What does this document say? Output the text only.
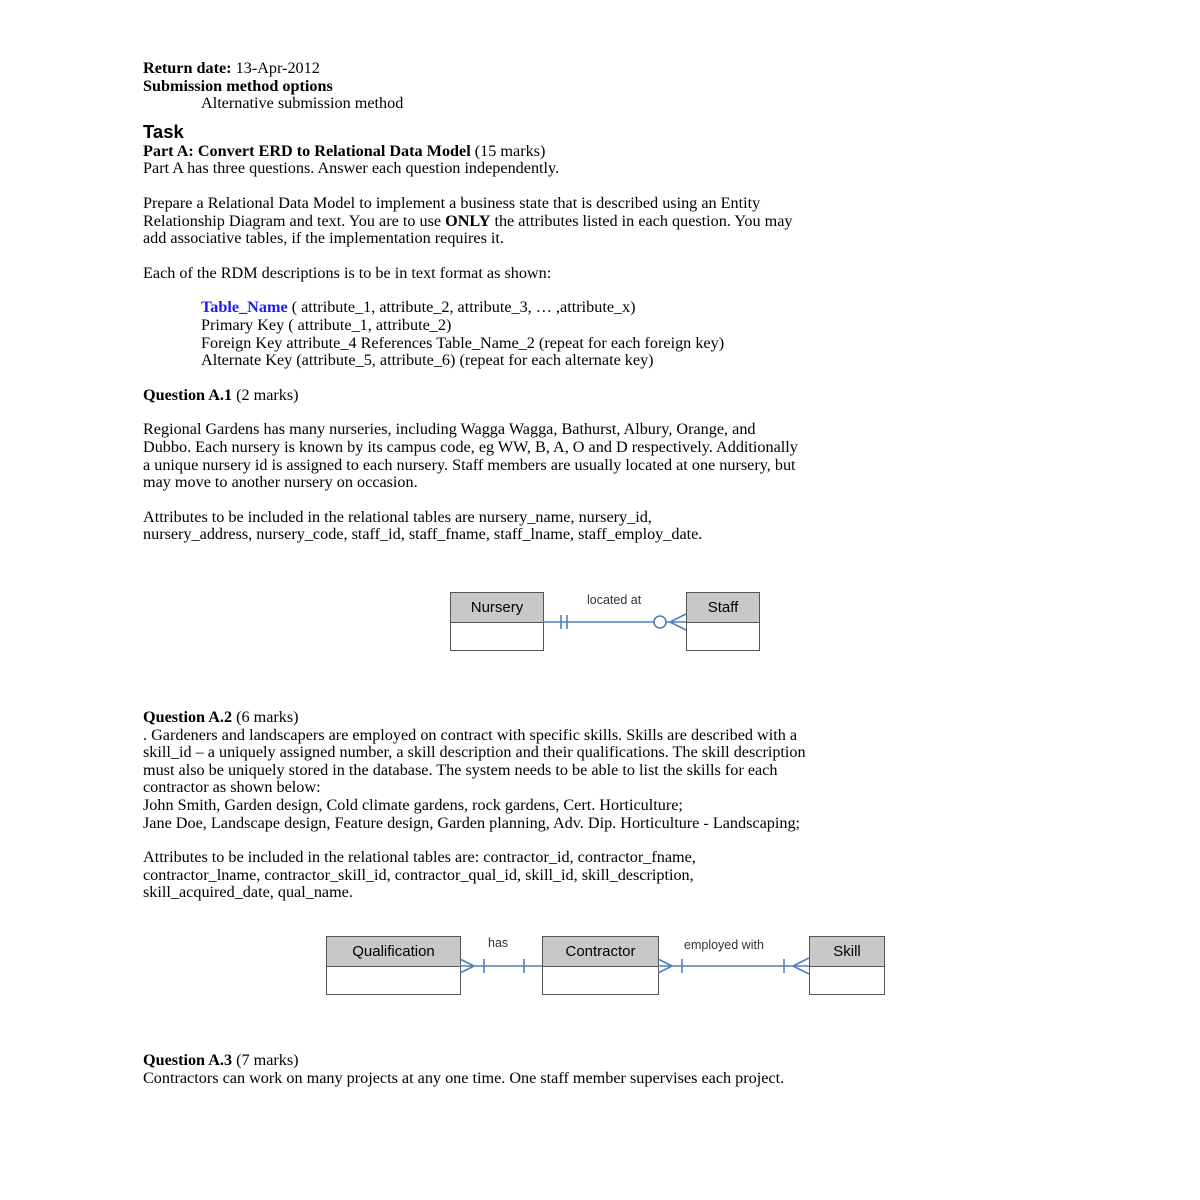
Return date: 13-Apr-2012

Submission method options

Alternative submission method

Task

Part A: Convert ERD to Relational Data Model (15 marks)

Part A has three questions. Answer each question independently.

Prepare a Relational Data Model to implement a business state that is described using an Entity

Relationship Diagram and text. You are to use ONLY the attributes listed in each question. You may

add associative tables, if the implementation requires it.

Each of the RDM descriptions is to be in text format as shown:

Table_Name ( attribute_1, attribute_2, attribute_3, … ,attribute_x)

Primary Key ( attribute_1, attribute_2)

Foreign Key attribute_4 References Table_Name_2 (repeat for each foreign key)

Alternate Key (attribute_5, attribute_6) (repeat for each alternate key)

Question A.1 (2 marks)

Regional Gardens has many nurseries, including Wagga Wagga, Bathurst, Albury, Orange, and

Dubbo. Each nursery is known by its campus code, eg WW, B, A, O and D respectively. Additionally

a unique nursery id is assigned to each nursery. Staff members are usually located at one nursery, but

may move to another nursery on occasion.

Attributes to be included in the relational tables are nursery_name, nursery_id,

nursery_address, nursery_code, staff_id, staff_fname, staff_lname, staff_employ_date.

Nursery	Staff
located at

Question A.2 (6 marks)

. Gardeners and landscapers are employed on contract with specific skills. Skills are described with a

skill_id – a uniquely assigned number, a skill description and their qualifications. The skill description

must also be uniquely stored in the database. The system needs to be able to list the skills for each

contractor as shown below:

John Smith, Garden design, Cold climate gardens, rock gardens, Cert. Horticulture;

Jane Doe, Landscape design, Feature design, Garden planning, Adv. Dip. Horticulture - Landscaping;

Attributes to be included in the relational tables are: contractor_id, contractor_fname,

contractor_lname, contractor_skill_id, contractor_qual_id, skill_id, skill_description,

skill_acquired_date, qual_name.

Qualification	Contractor	Skill
has	employed with

Question A.3 (7 marks)

Contractors can work on many projects at any one time. One staff member supervises each project.
